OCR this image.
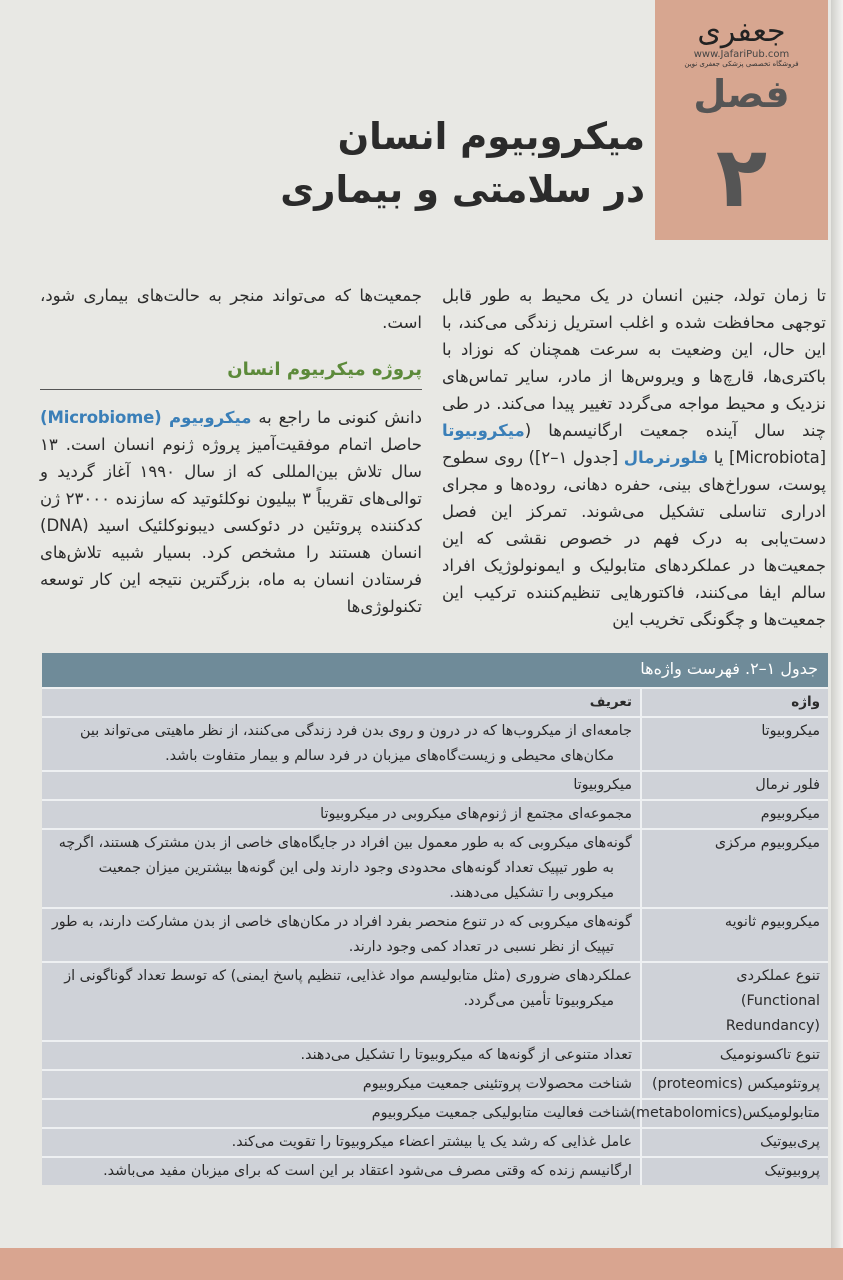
جعفری
www.JafariPub.com
فروشگاه تخصصی پزشکی جعفری نوین
فصل
۲
میکروبیوم انسان
در سلامتی و بیماری

تا زمان تولد، جنین انسان در یک محیط به طور قابل توجهی محافظت شده و اغلب استریل زندگی می‌کند، با این حال، این وضعیت به سرعت همچنان که نوزاد با باکتری‌ها، قارچ‌ها و ویروس‌ها از مادر، سایر تماس‌های نزدیک و محیط مواجه می‌گردد تغییر پیدا می‌کند. در طی چند سال آینده جمعیت ارگانیسم‌ها (میکروبیوتا [Microbiota] یا فلورنرمال [جدول ۱–۲]) روی سطوح پوست، سوراخ‌های بینی، حفره دهانی، روده‌ها و مجرای ادراری تناسلی تشکیل می‌شوند. تمرکز این فصل دست‌یابی به درک فهم در خصوص نقشی که این جمعیت‌ها در عملکردهای متابولیک و ایمونولوژیک افراد سالم ایفا می‌کنند، فاکتورهایی تنظیم‌کننده ترکیب این جمعیت‌ها و چگونگی تخریب این

جمعیت‌ها که می‌تواند منجر به حالت‌های بیماری شود، است.

پروژه میکربیوم انسان

دانش کنونی ما راجع به میکروبیوم (Microbiome) حاصل اتمام موفقیت‌آمیز پروژه ژنوم انسان است. ۱۳ سال تلاش بین‌المللی که از سال ۱۹۹۰ آغاز گردید و توالی‌های تقریباً ۳ بیلیون نوکلئوتید که سازنده ۲۳۰۰۰ ژن کدکننده پروتئین در دئوکسی دیبونوکلئیک اسید (DNA) انسان هستند را مشخص کرد. بسیار شبیه تلاش‌های فرستادن انسان به ماه، بزرگترین نتیجه این کار توسعه تکنولوژی‌ها

جدول ۱–۲. فهرست واژه‌ها
واژه
تعریف
میکروبیوتا
جامعه‌ای از میکروب‌ها که در درون و روی بدن فرد زندگی می‌کنند، از نظر ماهیتی می‌تواند بین
مکان‌های محیطی و زیست‌گاه‌های میزبان در فرد سالم و بیمار متفاوت باشد.
فلور نرمال
میکروبیوتا
میکروبیوم
مجموعه‌ای مجتمع از ژنوم‌های میکروبی در میکروبیوتا
میکروبیوم مرکزی
گونه‌های میکروبی که به طور معمول بین افراد در جایگاه‌های خاصی از بدن مشترک هستند، اگرچه
به طور تیپیک تعداد گونه‌های محدودی وجود دارند ولی این گونه‌ها بیشترین میزان جمعیت میکروبی را تشکیل می‌دهند.
میکروبیوم ثانویه
گونه‌های میکروبی که در تنوع منحصر بفرد افراد در مکان‌های خاصی از بدن مشارکت دارند، به طور
تیپیک از نظر نسبی در تعداد کمی وجود دارند.
تنوع عملکردی
(Functional Redundancy)
عملکردهای ضروری (مثل متابولیسم مواد غذایی، تنظیم پاسخ ایمنی) که توسط تعداد گوناگونی از
میکروبیوتا تأمین می‌گردد.
تنوع تاکسونومیک
تعداد متنوعی از گونه‌ها که میکروبیوتا را تشکیل می‌دهند.
پروتئومیکس (proteomics)
شناخت محصولات پروتئینی جمعیت میکروبیوم
متابولومیکس(metabolomics)
شناخت فعالیت متابولیکی جمعیت میکروبیوم
پری‌بیوتیک
عامل غذایی که رشد یک یا بیشتر اعضاء میکروبیوتا را تقویت می‌کند.
پروبیوتیک
ارگانیسم زنده که وقتی مصرف می‌شود اعتقاد بر این است که برای میزبان مفید می‌باشد.
